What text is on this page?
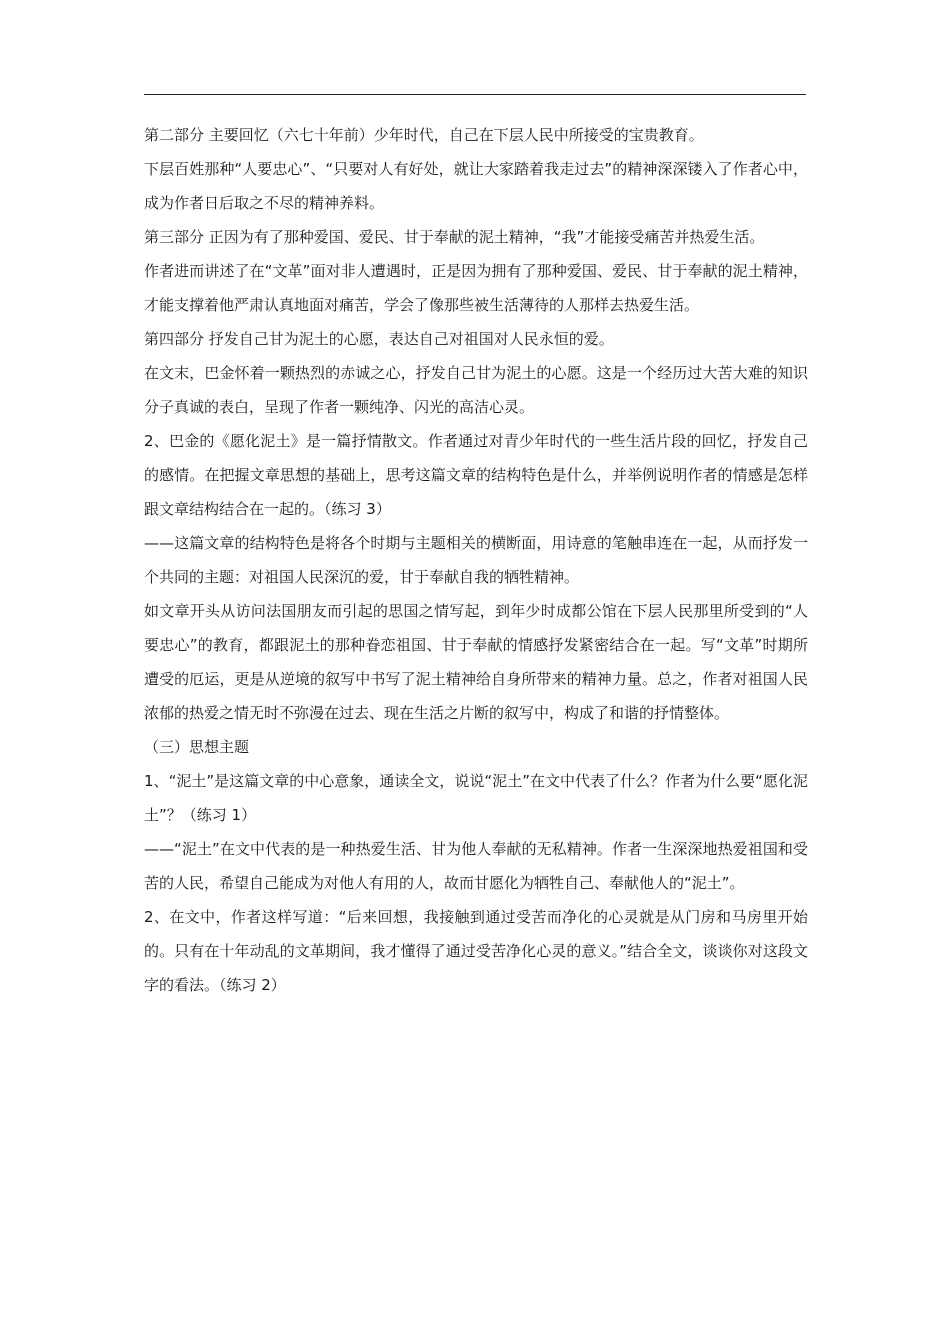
第二部分 主要回忆（六七十年前）少年时代，自己在下层人民中所接受的宝贵教育。

下层百姓那种“人要忠心”、“只要对人有好处，就让大家踏着我走过去”的精神深深镂入了作者心中，成为作者日后取之不尽的精神养料。

第三部分 正因为有了那种爱国、爱民、甘于奉献的泥土精神，“我”才能接受痛苦并热爱生活。

作者进而讲述了在“文革”面对非人遭遇时，正是因为拥有了那种爱国、爱民、甘于奉献的泥土精神，才能支撑着他严肃认真地面对痛苦，学会了像那些被生活薄待的人那样去热爱生活。

第四部分 抒发自己甘为泥土的心愿，表达自己对祖国对人民永恒的爱。

在文末，巴金怀着一颗热烈的赤诚之心，抒发自己甘为泥土的心愿。这是一个经历过大苦大难的知识分子真诚的表白，呈现了作者一颗纯净、闪光的高洁心灵。

2、巴金的《愿化泥土》是一篇抒情散文。作者通过对青少年时代的一些生活片段的回忆，抒发自己的感情。在把握文章思想的基础上，思考这篇文章的结构特色是什么，并举例说明作者的情感是怎样跟文章结构结合在一起的。（练习 3）

——这篇文章的结构特色是将各个时期与主题相关的横断面，用诗意的笔触串连在一起，从而抒发一个共同的主题：对祖国人民深沉的爱，甘于奉献自我的牺牲精神。

如文章开头从访问法国朋友而引起的思国之情写起，到年少时成都公馆在下层人民那里所受到的“人要忠心”的教育，都跟泥土的那种眷恋祖国、甘于奉献的情感抒发紧密结合在一起。写“文革”时期所遭受的厄运，更是从逆境的叙写中书写了泥土精神给自身所带来的精神力量。总之，作者对祖国人民浓郁的热爱之情无时不弥漫在过去、现在生活之片断的叙写中，构成了和谐的抒情整体。

（三）思想主题

1、“泥土”是这篇文章的中心意象，通读全文，说说“泥土”在文中代表了什么？作者为什么要“愿化泥土”？（练习 1）

——“泥土”在文中代表的是一种热爱生活、甘为他人奉献的无私精神。作者一生深深地热爱祖国和受苦的人民，希望自己能成为对他人有用的人，故而甘愿化为牺牲自己、奉献他人的“泥土”。

2、在文中，作者这样写道：“后来回想，我接触到通过受苦而净化的心灵就是从门房和马房里开始的。只有在十年动乱的文革期间，我才懂得了通过受苦净化心灵的意义。”结合全文，谈谈你对这段文字的看法。（练习 2）
